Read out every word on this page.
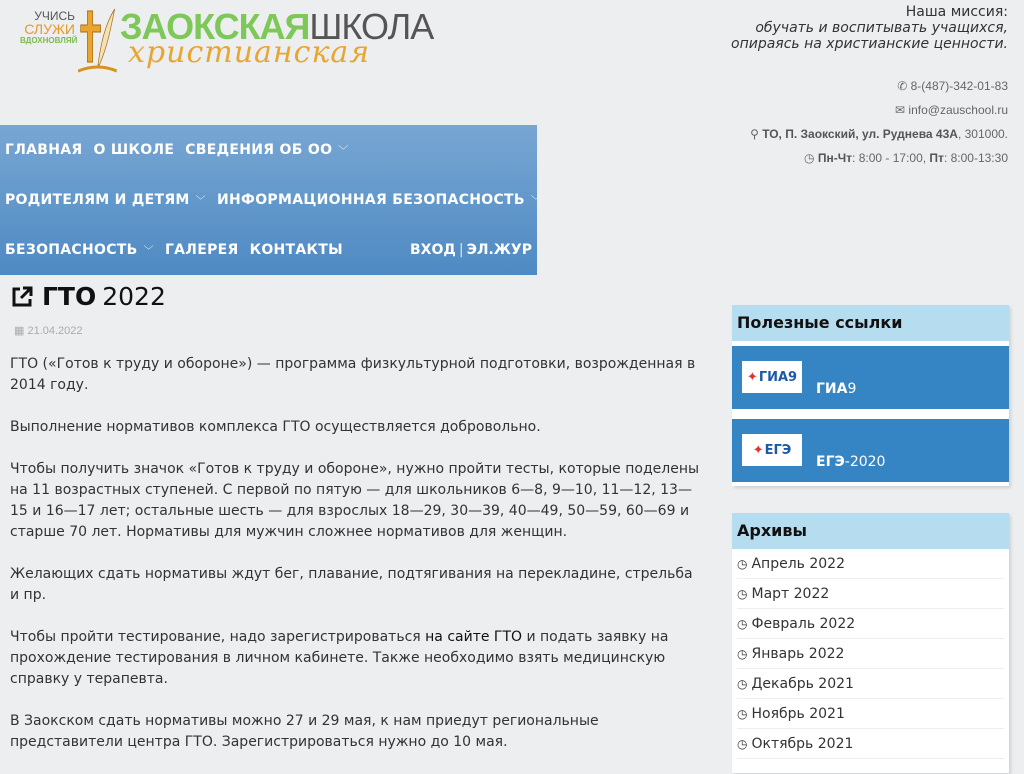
УЧИСЬ
СЛУЖИ
ВДОХНОВЛЯЙ ЗАОКСКАЯШКОЛА
христианская
Наша миссия:
обучать и воспитывать учащихся,
опираясь на христианские ценности.
✆ 8-(487)-342-01-83
✉ info@zauschool.ru
⚲ ТО, П. Заокский, ул. Руднева 43А, 301000.
◷ Пн-Чт: 8:00 - 17:00, Пт: 8:00-13:30
ГЛАВНАЯ О ШКОЛЕ СВЕДЕНИЯ ОБ ОО ﹀
РОДИТЕЛЯМ И ДЕТЯМ ﹀ ИНФОРМАЦИОННАЯ БЕЗОПАСНОСТЬ ﹀
БЕЗОПАСНОСТЬ ﹀ ГАЛЕРЕЯ КОНТАКТЫ	ВХОД | ЭЛ.ЖУР
ГТО 2022
▦ 21.04.2022

ГТО («Готов к труду и обороне») — программа физкультурной подготовки, возрожденная в 2014 году.

Выполнение нормативов комплекса ГТО осуществляется добровольно.

Чтобы получить значок «Готов к труду и обороне», нужно пройти тесты, которые поделены на 11 возрастных ступеней. С первой по пятую — для школьников 6—8, 9—10, 11—12, 13—15 и 16—17 лет; остальные шесть — для взрослых 18—29, 30—39, 40—49, 50—59, 60—69 и старше 70 лет. Нормативы для мужчин сложнее нормативов для женщин.

Желающих сдать нормативы ждут бег, плавание, подтягивания на перекладине, стрельба и пр.

Чтобы пройти тестирование, надо зарегистрироваться на сайте ГТО и подать заявку на прохождение тестирования в личном кабинете. Также необходимо взять медицинскую справку у терапевта.

В Заокском сдать нормативы можно 27 и 29 мая, к нам приедут региональные представители центра ГТО. Зарегистрироваться нужно до 10 мая.

Полезные ссылки
✦ ГИА9
ГИА9
✦ ЕГЭ
ЕГЭ-2020
Архивы
◷ Апрель 2022
◷ Март 2022
◷ Февраль 2022
◷ Январь 2022
◷ Декабрь 2021
◷ Ноябрь 2021
◷ Октябрь 2021
